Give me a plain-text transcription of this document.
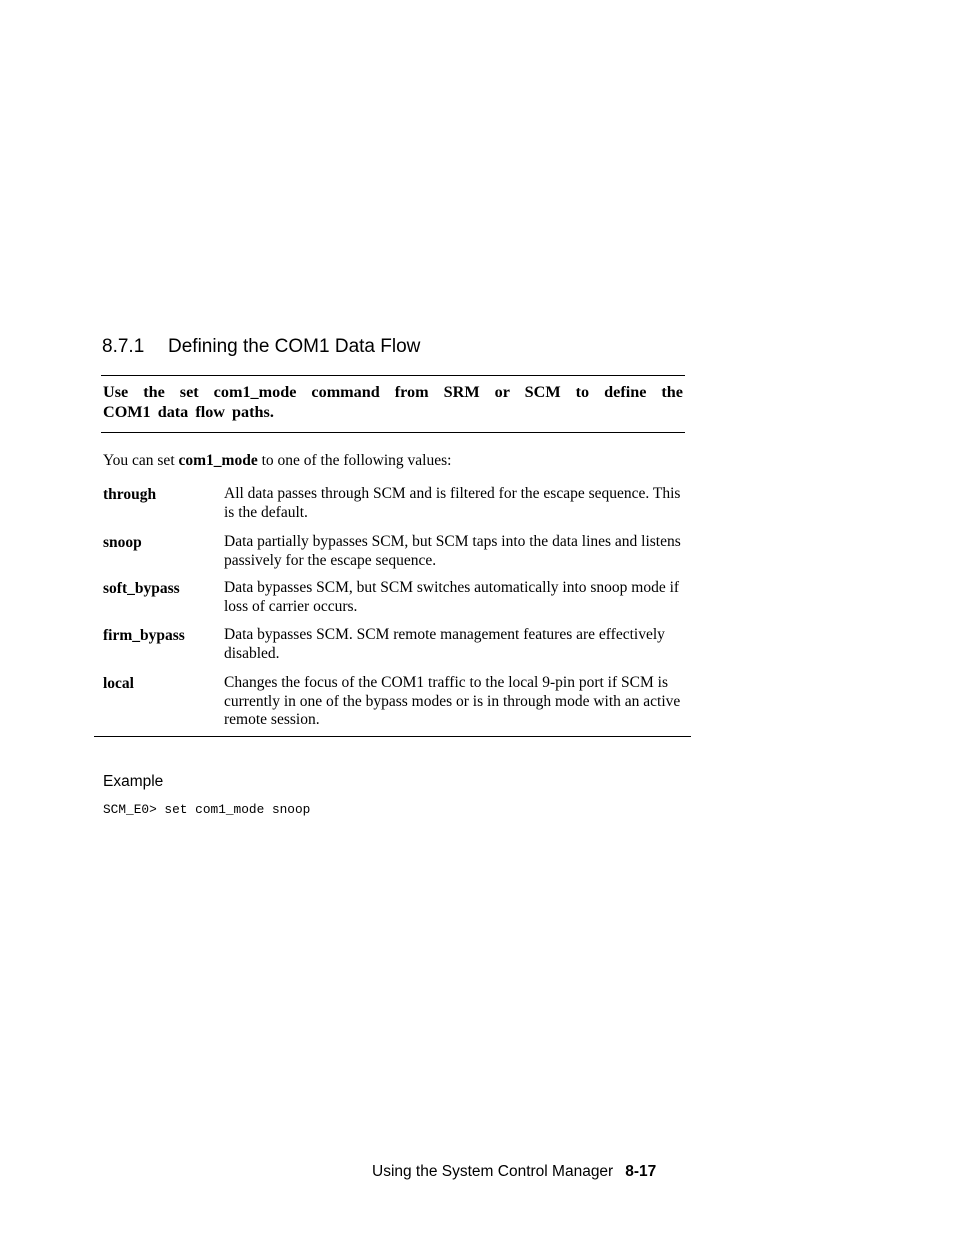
8.7.1 Defining the COM1 Data Flow
Use the set com1_mode command from SRM or SCM to define the
COM1 data flow paths.
You can set com1_mode to one of the following values:
through	All data passes through SCM and is filtered for the escape sequence. This is the default.
snoop	Data partially bypasses SCM, but SCM taps into the data lines and listens passively for the escape sequence.
soft_bypass	Data bypasses SCM, but SCM switches automatically into snoop mode if loss of carrier occurs.
firm_bypass	Data bypasses SCM. SCM remote management features are effectively disabled.
local	Changes the focus of the COM1 traffic to the local 9-pin port if SCM is currently in one of the bypass modes or is in through mode with an active remote session.
Example
SCM_E0> set com1_mode snoop
Using the System Control Manager 8-17
